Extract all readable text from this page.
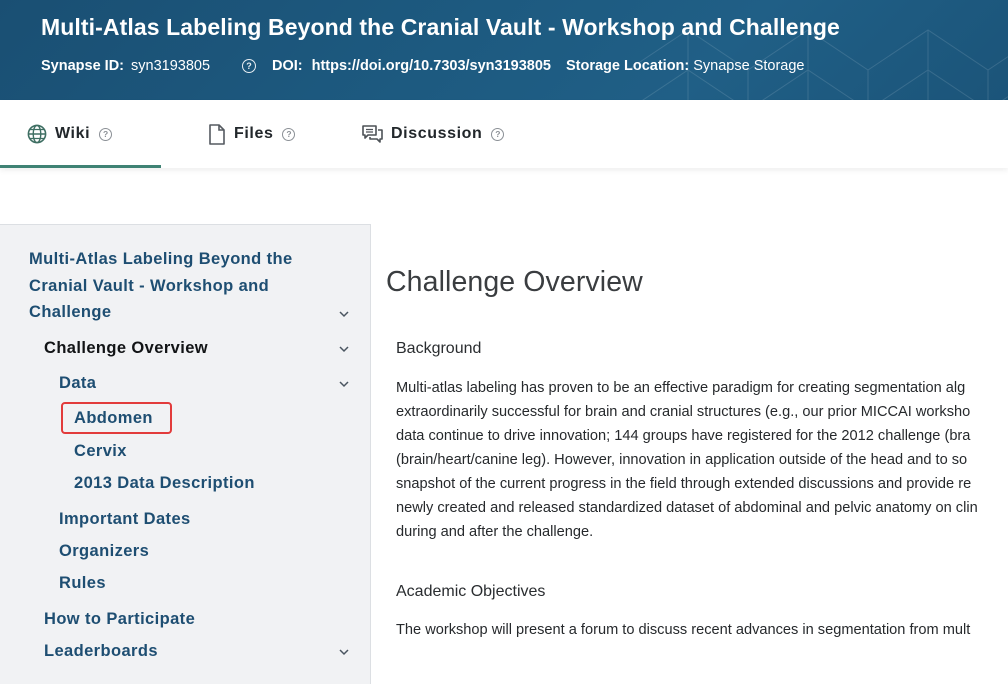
Multi-Atlas Labeling Beyond the Cranial Vault - Workshop and Challenge
Synapse ID: syn3193805	? DOI: https://doi.org/10.7303/syn3193805 Storage Location: Synapse Storage
Wiki	?	Files	?	Discussion	?
Multi-Atlas Labeling Beyond the
Cranial Vault - Workshop and
Challenge
Challenge Overview
Data
Abdomen
Cervix
2013 Data Description
Important Dates
Organizers
Rules
How to Participate
Leaderboards
Challenge Overview
Background
Multi-atlas labeling has proven to be an effective paradigm for creating segmentation alg
extraordinarily successful for brain and cranial structures (e.g., our prior MICCAI worksho
data continue to drive innovation; 144 groups have registered for the 2012 challenge (bra
(brain/heart/canine leg). However, innovation in application outside of the head and to so
snapshot of the current progress in the field through extended discussions and provide re
newly created and released standardized dataset of abdominal and pelvic anatomy on clin
during and after the challenge.
Academic Objectives
The workshop will present a forum to discuss recent advances in segmentation from mult
